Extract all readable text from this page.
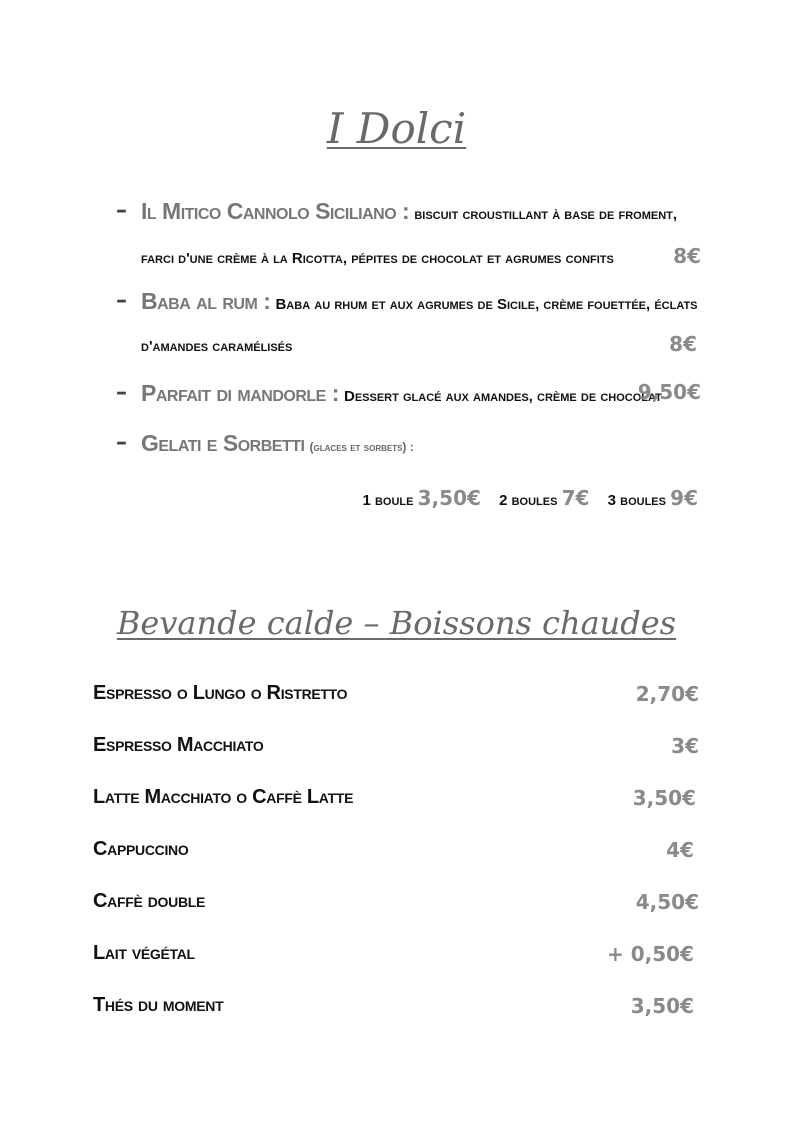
I Dolci
– Il Mitico Cannolo Siciliano : biscuit croustillant à base de froment,
farci d'une crème à la Ricotta, pépites de chocolat et agrumes confits	8€
– Baba al rum : Baba au rhum et aux agrumes de Sicile, crème fouettée, éclats
d'amandes caramélisés	8€
– Parfait di mandorle : Dessert glacé aux amandes, crème de chocolat
9,50€
– Gelati e Sorbetti (glaces et sorbets) :
1 boule 3,50€ 2 boules 7€ 3 boules 9€
Bevande calde – Boissons chaudes
Espresso o Lungo o Ristretto	2,70€
Espresso Macchiato	3€
Latte Macchiato o Caffè Latte	3,50€
Cappuccino	4€
Caffè double	4,50€
Lait végétal	+ 0,50€
Thés du moment	3,50€
